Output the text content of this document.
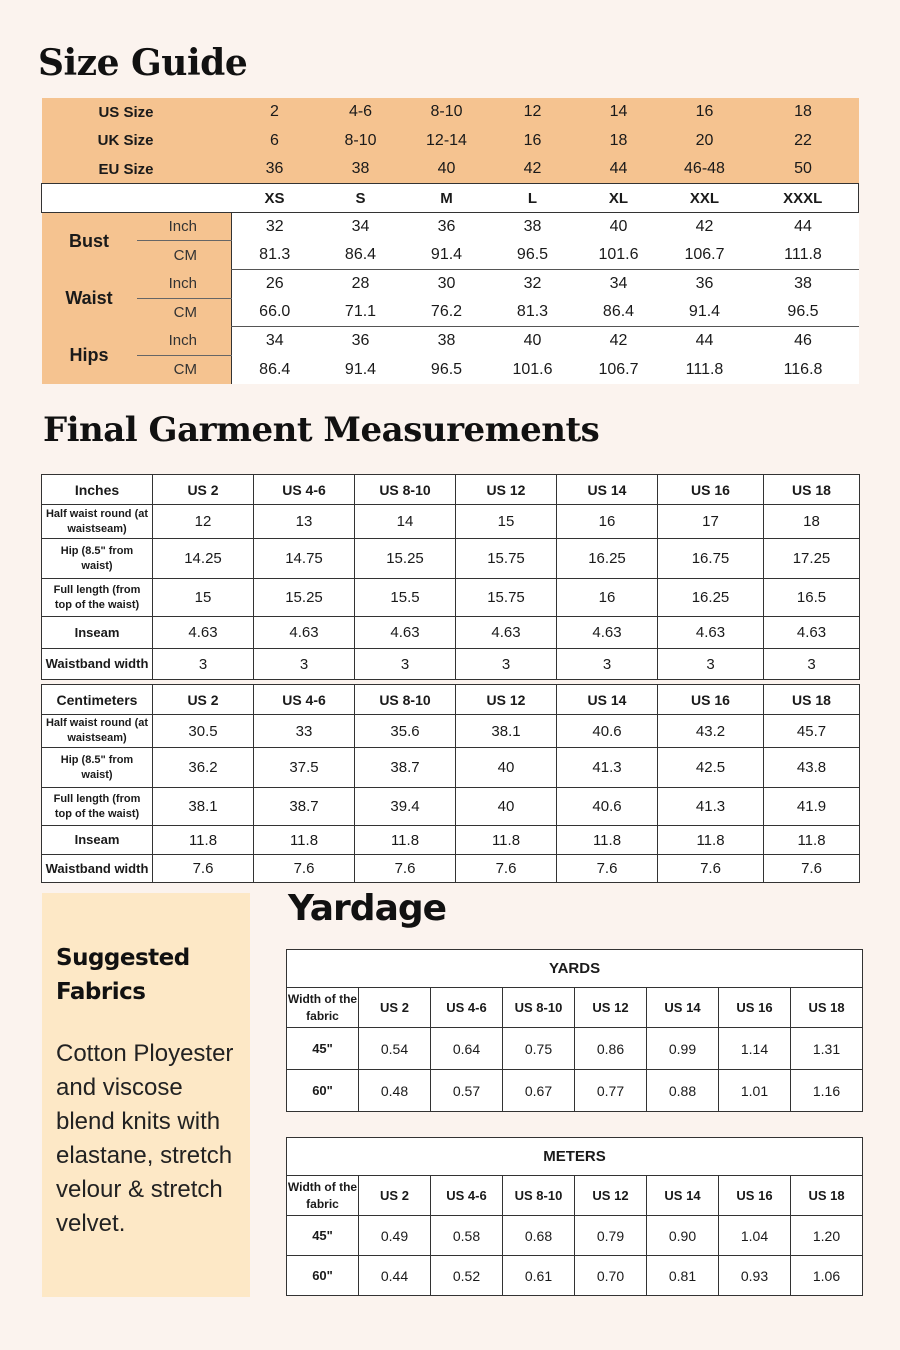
Size Guide
US Size		2	4-6	8-10	12	14	16	18
UK Size		6	8-10	12-14	16	18	20	22
EU Size		36	38	40	42	44	46-48	50
		XS	S	M	L	XL	XXL	XXXL
Bust	Inch	32	34	36	38	40	42	44
	CM	81.3	86.4	91.4	96.5	101.6	106.7	111.8
Waist	Inch	26	28	30	32	34	36	38
	CM	66.0	71.1	76.2	81.3	86.4	91.4	96.5
Hips	Inch	34	36	38	40	42	44	46
	CM	86.4	91.4	96.5	101.6	106.7	111.8	116.8
Final Garment Measurements
Inches	US 2	US 4-6	US 8-10	US 12	US 14	US 16	US 18
Half waist round (at waistseam)	12	13	14	15	16	17	18
Hip (8.5" from waist)	14.25	14.75	15.25	15.75	16.25	16.75	17.25
Full length (from top of the waist)	15	15.25	15.5	15.75	16	16.25	16.5
Inseam	4.63	4.63	4.63	4.63	4.63	4.63	4.63
Waistband width	3	3	3	3	3	3	3
Centimeters	US 2	US 4-6	US 8-10	US 12	US 14	US 16	US 18
Half waist round (at waistseam)	30.5	33	35.6	38.1	40.6	43.2	45.7
Hip (8.5" from waist)	36.2	37.5	38.7	40	41.3	42.5	43.8
Full length (from top of the waist)	38.1	38.7	39.4	40	40.6	41.3	41.9
Inseam	11.8	11.8	11.8	11.8	11.8	11.8	11.8
Waistband width	7.6	7.6	7.6	7.6	7.6	7.6	7.6
Suggested Fabrics
Cotton Ployester and viscose blend knits with elastane, stretch velour & stretch velvet.
Yardage
YARDS							
Width of the fabric	US 2	US 4-6	US 8-10	US 12	US 14	US 16	US 18
45"	0.54	0.64	0.75	0.86	0.99	1.14	1.31
60"	0.48	0.57	0.67	0.77	0.88	1.01	1.16
METERS							
Width of the fabric	US 2	US 4-6	US 8-10	US 12	US 14	US 16	US 18
45"	0.49	0.58	0.68	0.79	0.90	1.04	1.20
60"	0.44	0.52	0.61	0.70	0.81	0.93	1.06
